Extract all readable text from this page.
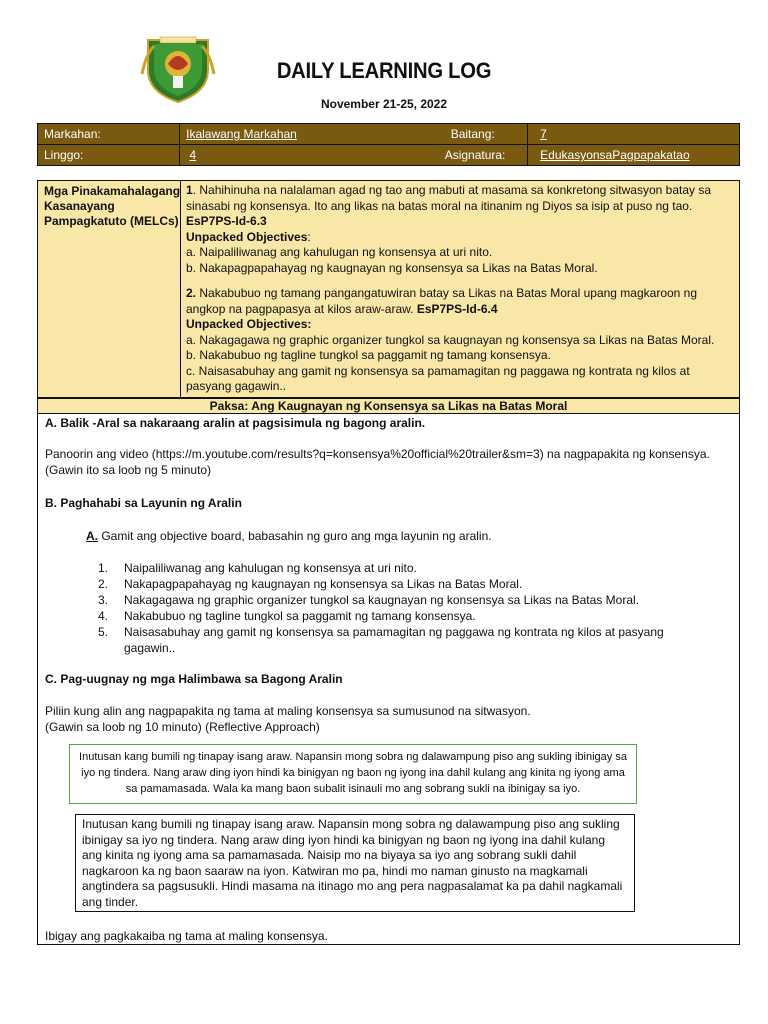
DAILY LEARNING LOG
November 21-25, 2022
Markahan:	Ikalawang Markahan	Baitang:	7
Linggo:	4	Asignatura:	EdukasyonsaPagpapakatao
Mga Pinakamahalagang Kasanayang Pampagkatuto (MELCs)

1. Nahihinuha na nalalaman agad ng tao ang mabuti at masama sa konkretong sitwasyon batay sa sinasabi ng konsensya. Ito ang likas na batas moral na itinanim ng Diyos sa isip at puso ng tao.

EsP7PS-Id-6.3

Unpacked Objectives:

a. Naipaliliwanag ang kahulugan ng konsensya at uri nito.

b. Nakapagpapahayag ng kaugnayan ng konsensya sa Likas na Batas Moral.

2. Nakabubuo ng tamang pangangatuwiran batay sa Likas na Batas Moral upang magkaroon ng angkop na pagpapasya at kilos araw-araw. EsP7PS-Id-6.4

Unpacked Objectives:

a. Nakagagawa ng graphic organizer tungkol sa kaugnayan ng konsensya sa Likas na Batas Moral.

b. Nakabubuo ng tagline tungkol sa paggamit ng tamang konsensya.

c. Naisasabuhay ang gamit ng konsensya sa pamamagitan ng paggawa ng kontrata ng kilos at pasyang gagawin..

Paksa: Ang Kaugnayan ng Konsensya sa Likas na Batas Moral
A. Balik -Aral sa nakaraang aralin at pagsisimula ng bagong aralin.
Panoorin ang video (https://m.youtube.com/results?q=konsensya%20official%20trailer&sm=3) na nagpapakita ng konsensya. (Gawin ito sa loob ng 5 minuto)
B. Paghahabi sa Layunin ng Aralin
A. Gamit ang objective board, babasahin ng guro ang mga layunin ng aralin.
1. Naipaliliwanag ang kahulugan ng konsensya at uri nito.
2. Nakapagpapahayag ng kaugnayan ng konsensya sa Likas na Batas Moral.
3. Nakagagawa ng graphic organizer tungkol sa kaugnayan ng konsensya sa Likas na Batas Moral.
4. Nakabubuo ng tagline tungkol sa paggamit ng tamang konsensya.
5. Naisasabuhay ang gamit ng konsensya sa pamamagitan ng paggawa ng kontrata ng kilos at pasyang gagawin..
C. Pag-uugnay ng mga Halimbawa sa Bagong Aralin
Piliin kung alin ang nagpapakita ng tama at maling konsensya sa sumusunod na sitwasyon.
(Gawin sa loob ng 10 minuto) (Reflective Approach)
Inutusan kang bumili ng tinapay isang araw. Napansin mong sobra ng dalawampung piso ang sukling ibinigay sa iyo ng tindera. Nang araw ding iyon hindi ka binigyan ng baon ng iyong ina dahil kulang ang kinita ng iyong ama sa pamamasada. Wala ka mang baon subalit isinauli mo ang sobrang sukli na ibinigay sa iyo.
Inutusan kang bumili ng tinapay isang araw. Napansin mong sobra ng dalawampung piso ang sukling ibinigay sa iyo ng tindera. Nang araw ding iyon hindi ka binigyan ng baon ng iyong ina dahil kulang ang kinita ng iyong ama sa pamamasada. Naisip mo na biyaya sa iyo ang sobrang sukli dahil nagkaroon ka ng baon saaraw na iyon. Katwiran mo pa, hindi mo naman ginusto na magkamali angtindera sa pagsusukli. Hindi masama na itinago mo ang pera nagpasalamat ka pa dahil nagkamali ang tinder.
Ibigay ang pagkakaiba ng tama at maling konsensya.
